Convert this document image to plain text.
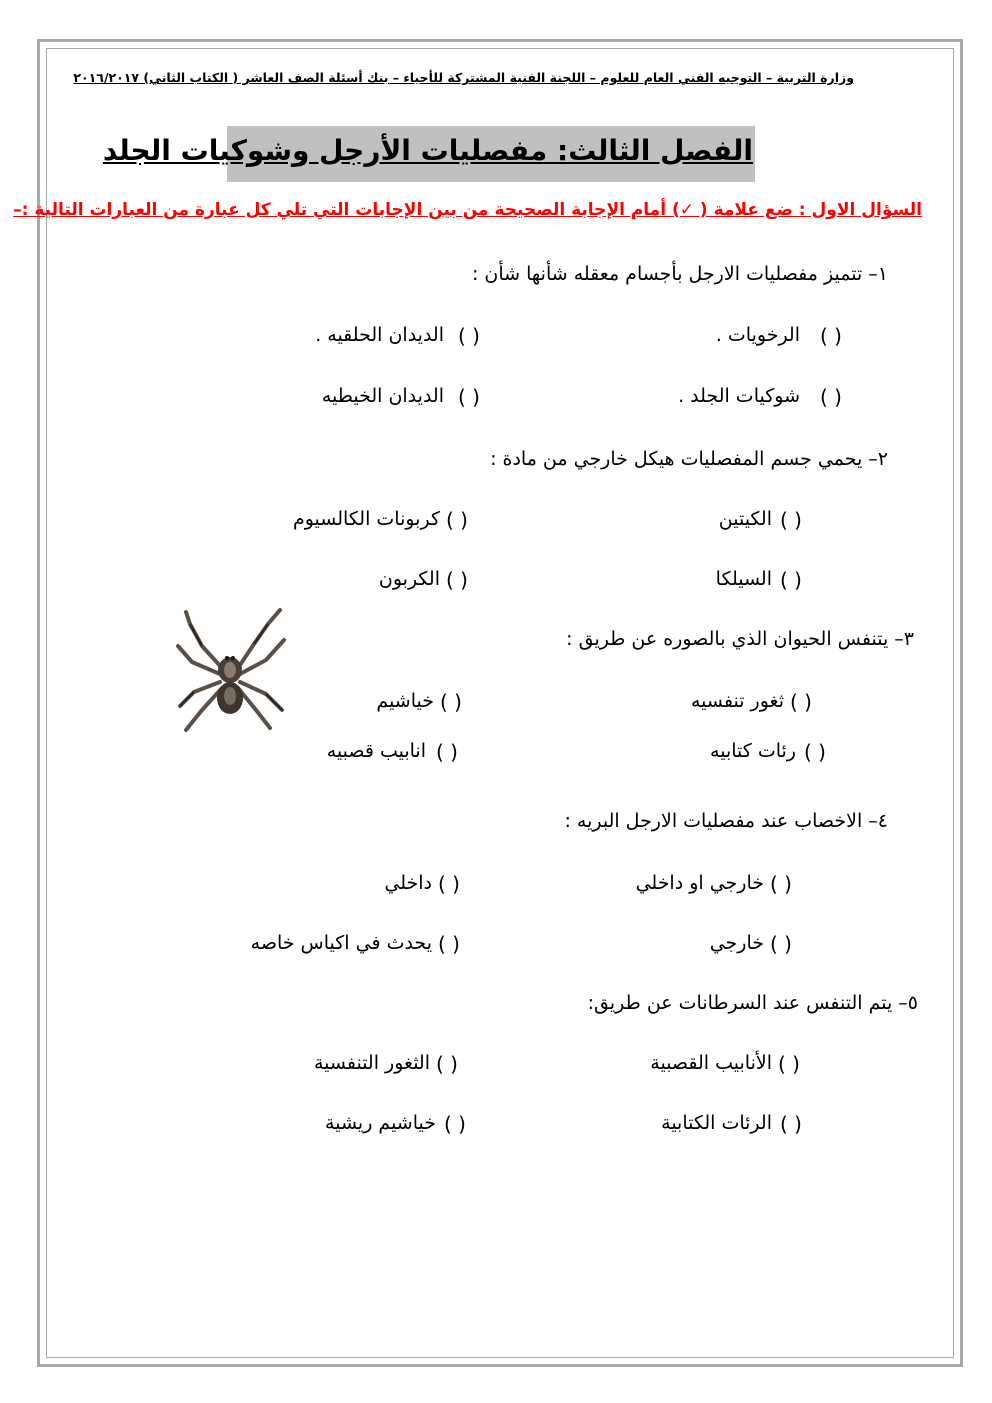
وزارة التربية – التوجيه الفني العام للعلوم – اللجنة الفنية المشتركة للأحياء – بنك أسئلة الصف العاشر ( الكتاب الثاني) ٢٠١٦/٢٠١٧
الفصل الثالث: مفصليات الأرجل وشوكيات الجلد
السؤال الاول : ضع علامة ( ✓) أمام الإجابة الصحيحة من بين الإجابات التي تلي كل عبارة من العبارات التالية :–
١– تتميز مفصليات الارجل بأجسام معقله شأنها شأن :
( )
الرخويات .
( )
الديدان الحلقيه .
( )
شوكيات الجلد .
( )
الديدان الخيطيه
٢– يحمي جسم المفصليات هيكل خارجي من مادة :
( )
الكيتين
( )
كربونات الكالسيوم
( )
السيلكا
( )
الكربون
٣– يتنفس الحيوان الذي بالصوره عن طريق :
( )
ثغور تنفسيه
( )
خياشيم
( )
رئات كتابيه
( )
انابيب قصبيه
٤– الاخصاب عند مفصليات الارجل البريه :
( )
خارجي او داخلي
( )
داخلي
( )
خارجي
( )
يحدث في اكياس خاصه
٥– يتم التنفس عند السرطانات عن طريق:
( )
الأنابيب القصبية
( )
الثغور التنفسية
( )
الرئات الكتابية
( )
خياشيم ريشية
